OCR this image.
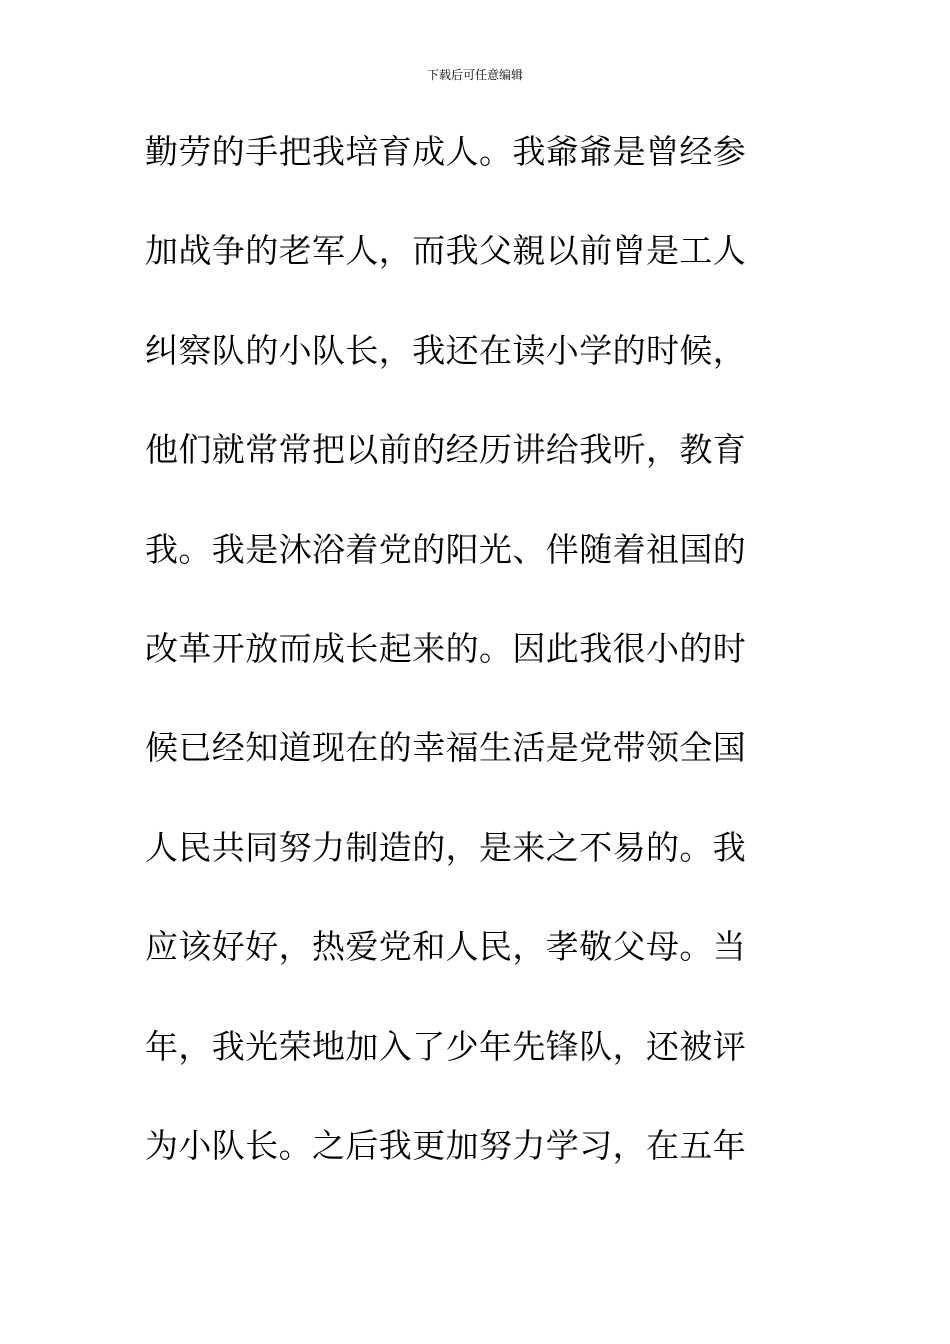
下载后可任意编辑
勤劳的手把我培育成人。我爺爺是曾经参
加战争的老军人，而我父親以前曾是工人
纠察队的小队长，我还在读小学的时候，
他们就常常把以前的经历讲给我听，教育
我。我是沐浴着党的阳光、伴随着祖国的
改革开放而成长起来的。因此我很小的时
候已经知道现在的幸福生活是党带领全国
人民共同努力制造的，是来之不易的。我
应该好好，热爱党和人民，孝敬父母。当
年，我光荣地加入了少年先锋队，还被评
为小队长。之后我更加努力学习，在五年
